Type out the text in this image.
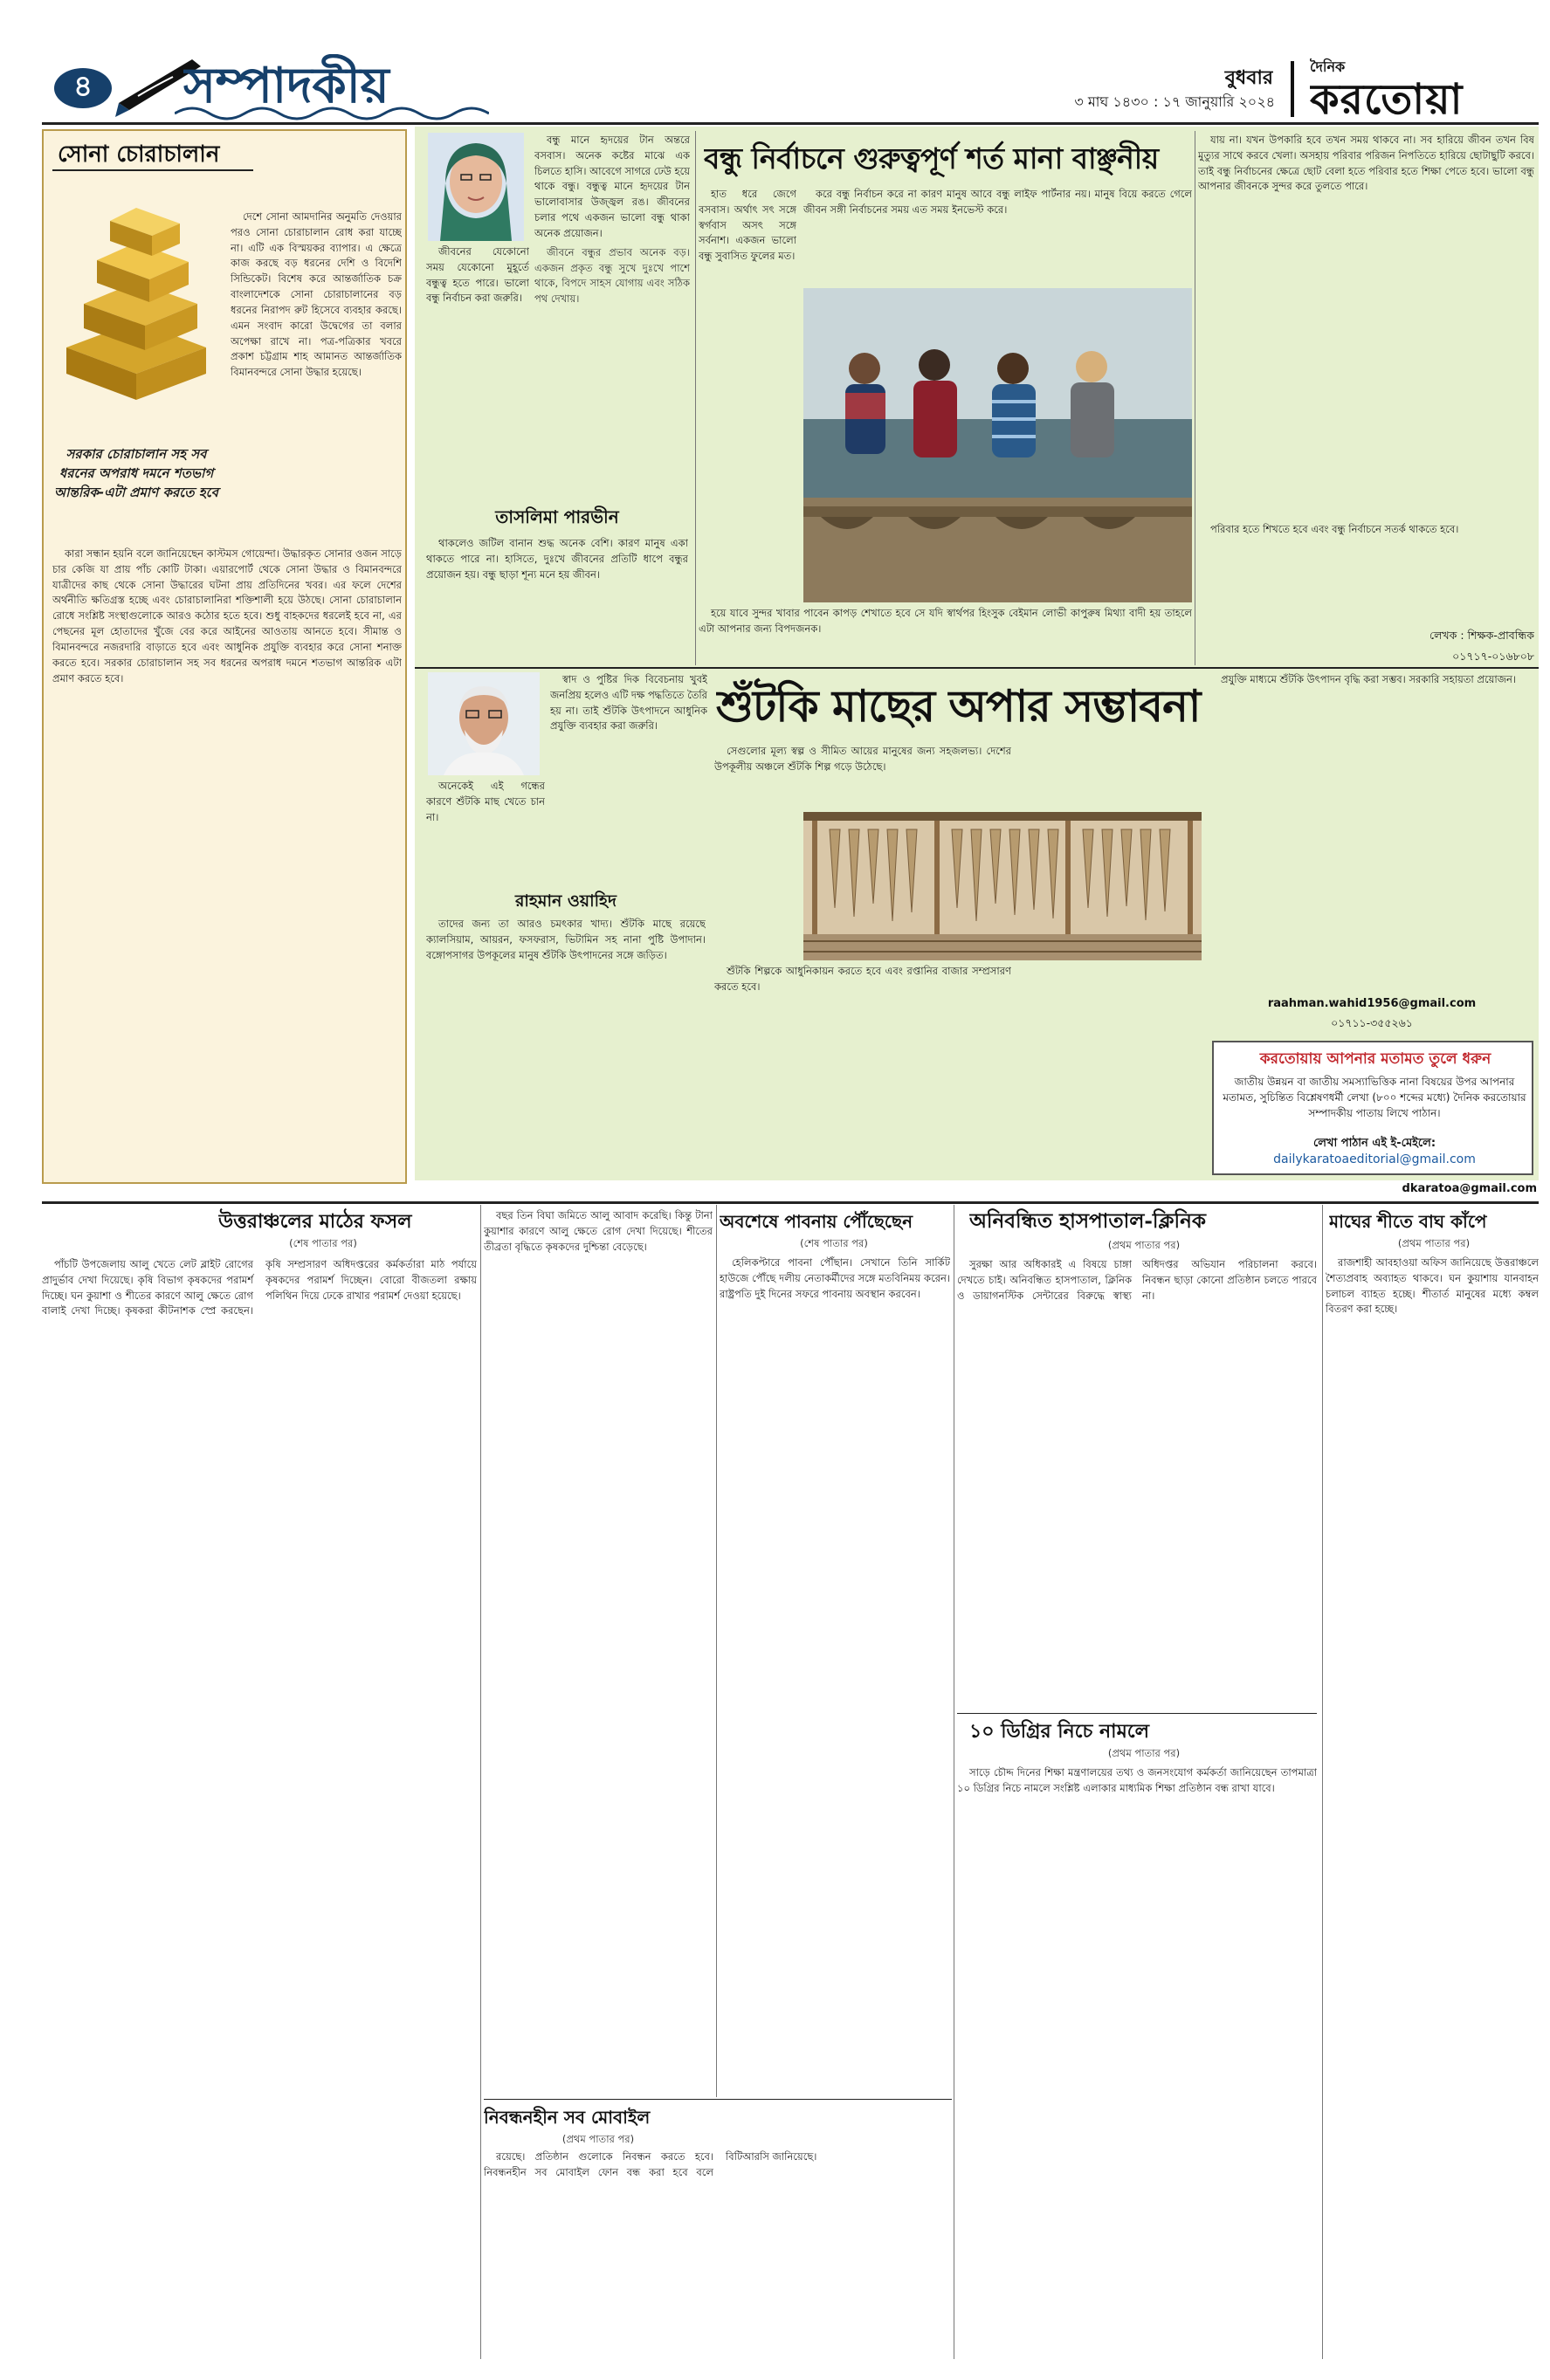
৪	সম্পাদকীয়	বুধবার
৩ মাঘ ১৪৩০ : ১৭ জানুয়ারি ২০২৪
দৈনিক
করতোয়া
সোনা চোরাচালান
সরকার চোরাচালান সহ সব ধরনের অপরাধ দমনে শতভাগ আন্তরিক-এটা প্রমাণ করতে হবে

দেশে সোনা আমদানির অনুমতি দেওয়ার পরও সোনা চোরাচালান রোধ করা যাচ্ছে না। এটি এক বিস্ময়কর ব্যাপার। এ ক্ষেত্রে কাজ করছে বড় ধরনের দেশি ও বিদেশি সিন্ডিকেট। বিশেষ করে আন্তর্জাতিক চক্র বাংলাদেশকে সোনা চোরাচালানের বড় ধরনের নিরাপদ রুট হিসেবে ব্যবহার করছে। এমন সংবাদ কারো উদ্বেগের তা বলার অপেক্ষা রাখে না। পত্র-পত্রিকার খবরে প্রকাশ চট্টগ্রাম শাহ আমানত আন্তর্জাতিক বিমানবন্দরে সোনা উদ্ধার হয়েছে।

কারা সন্ধান হয়নি বলে জানিয়েছেন কাস্টমস গোয়েন্দা। উদ্ধারকৃত সোনার ওজন সাড়ে চার কেজি যা প্রায় পাঁচ কোটি টাকা। এয়ারপোর্ট থেকে সোনা উদ্ধার ও বিমানবন্দরে যাত্রীদের কাছ থেকে সোনা উদ্ধারের ঘটনা প্রায় প্রতিদিনের খবর। এর ফলে দেশের অর্থনীতি ক্ষতিগ্রস্ত হচ্ছে এবং চোরাচালানিরা শক্তিশালী হয়ে উঠছে। সোনা চোরাচালান রোধে সংশ্লিষ্ট সংস্থাগুলোকে আরও কঠোর হতে হবে। শুধু বাহকদের ধরলেই হবে না, এর পেছনের মূল হোতাদের খুঁজে বের করে আইনের আওতায় আনতে হবে। সীমান্ত ও বিমানবন্দরে নজরদারি বাড়াতে হবে এবং আধুনিক প্রযুক্তি ব্যবহার করে সোনা শনাক্ত করতে হবে। সরকার চোরাচালান সহ সব ধরনের অপরাধ দমনে শতভাগ আন্তরিক এটা প্রমাণ করতে হবে।

বন্ধু মানে হৃদয়ের টান অন্তরে বসবাস। অনেক কষ্টের মাঝে এক চিলতে হাসি। আবেগে সাগরে ঢেউ হয়ে থাকে বন্ধু। বন্ধুত্ব মানে হৃদয়ের টান ভালোবাসার উজ্জ্বল রঙ। জীবনের চলার পথে একজন ভালো বন্ধু থাকা অনেক প্রয়োজন।

জীবনে বন্ধুর প্রভাব অনেক বড়। একজন প্রকৃত বন্ধু সুখে দুঃখে পাশে থাকে, বিপদে সাহস যোগায় এবং সঠিক পথ দেখায়।

জীবনের যেকোনো সময় যেকোনো মুহূর্তে বন্ধুত্ব হতে পারে। ভালো বন্ধু নির্বাচন করা জরুরি।

তাসলিমা পারভীন

থাকলেও জটিল বানান শুদ্ধ অনেক বেশি। কারণ মানুষ একা থাকতে পারে না। হাসিতে, দুঃখে জীবনের প্রতিটি ধাপে বন্ধুর প্রয়োজন হয়। বন্ধু ছাড়া শূন্য মনে হয় জীবন।

বন্ধু নির্বাচনে গুরুত্বপূর্ণ শর্ত মানা বাঞ্ছনীয়

হাত ধরে জেগে বসবাস। অর্থাৎ সৎ সঙ্গে স্বর্গবাস অসৎ সঙ্গে সর্বনাশ। একজন ভালো বন্ধু সুবাসিত ফুলের মত।

করে বন্ধু নির্বাচন করে না কারণ মানুষ আবে বন্ধু লাইফ পার্টনার নয়। মানুষ বিয়ে করতে গেলে জীবন সঙ্গী নির্বাচনের সময় এত সময় ইনভেস্ট করে।

হয়ে যাবে সুন্দর খাবার পাবেন কাপড় শেখাতে হবে সে যদি স্বার্থপর হিংসুক বেইমান লোভী কাপুরুষ মিথ্যা বাদী হয় তাহলে এটা আপনার জন্য বিপদজনক।

যায় না। যখন উপকারি হবে তখন সময় থাকবে না। সব হারিয়ে জীবন তখন বিষ মুত্যুর সাথে করবে খেলা। অসহায় পরিবার পরিজন নিপতিতে হারিয়ে ছোটাছুটি করবে। তাই বন্ধু নির্বাচনের ক্ষেত্রে ছোট বেলা হতে পরিবার হতে শিক্ষা পেতে হবে। ভালো বন্ধু আপনার জীবনকে সুন্দর করে তুলতে পারে।

পরিবার হতে শিখতে হবে এবং বন্ধু নির্বাচনে সতর্ক থাকতে হবে।

লেখক : শিক্ষক-প্রাবন্ধিক
০১৭১৭-০১৬৮০৮

স্বাদ ও পুষ্টির দিক বিবেচনায় খুবই জনপ্রিয় হলেও এটি দক্ষ পদ্ধতিতে তৈরি হয় না। তাই শুঁটকি উৎপাদনে আধুনিক প্রযুক্তি ব্যবহার করা জরুরি।

অনেকেই এই গন্ধের কারণে শুঁটকি মাছ খেতে চান না।

রাহমান ওয়াহিদ

তাদের জন্য তা আরও চমৎকার খাদ্য। শুঁটকি মাছে রয়েছে ক্যালসিয়াম, আয়রন, ফসফরাস, ভিটামিন সহ নানা পুষ্টি উপাদান। বঙ্গোপসাগর উপকূলের মানুষ শুঁটকি উৎপাদনের সঙ্গে জড়িত।

শুঁটকি মাছের অপার সম্ভাবনা

সেগুলোর মূল্য স্বল্প ও সীমিত আয়ের মানুষের জন্য সহজলভ্য। দেশের উপকূলীয় অঞ্চলে শুঁটকি শিল্প গড়ে উঠেছে।

শুঁটকি শিল্পকে আধুনিকায়ন করতে হবে এবং রপ্তানির বাজার সম্প্রসারণ করতে হবে।

প্রযুক্তি মাধ্যমে শুঁটকি উৎপাদন বৃদ্ধি করা সম্ভব। সরকারি সহায়তা প্রয়োজন।

raahman.wahid1956@gmail.com
০১৭১১-৩৫৫২৬১
করতোয়ায় আপনার মতামত তুলে ধরুন
জাতীয় উন্নয়ন বা জাতীয় সমস্যাভিত্তিক নানা বিষয়ের উপর আপনার মতামত, সুচিন্তিত বিশ্লেষণধর্মী লেখা (৮০০ শব্দের মধ্যে) দৈনিক করতোয়ার সম্পাদকীয় পাতায় লিখে পাঠান।
লেখা পাঠান এই ই-মেইলে:
dailykaratoaeditorial@gmail.com
dkaratoa@gmail.com
উত্তরাঞ্চলের মাঠের ফসল
(শেষ পাতার পর)

পাঁচটি উপজেলায় আলু খেতে লেট ব্লাইট রোগের প্রাদুর্ভাব দেখা দিয়েছে। কৃষি বিভাগ কৃষকদের পরামর্শ দিচ্ছে। ঘন কুয়াশা ও শীতের কারণে আলু ক্ষেতে রোগ বালাই দেখা দিচ্ছে। কৃষকরা কীটনাশক স্প্রে করছেন। কৃষি সম্প্রসারণ অধিদপ্তরের কর্মকর্তারা মাঠ পর্যায়ে কৃষকদের পরামর্শ দিচ্ছেন। বোরো বীজতলা রক্ষায় পলিথিন দিয়ে ঢেকে রাখার পরামর্শ দেওয়া হয়েছে।

বছর তিন বিঘা জমিতে আলু আবাদ করেছি। কিন্তু টানা কুয়াশার কারণে আলু ক্ষেতে রোগ দেখা দিয়েছে। শীতের তীব্রতা বৃদ্ধিতে কৃষকদের দুশ্চিন্তা বেড়েছে।

অবশেষে পাবনায় পৌঁছেছেন
(শেষ পাতার পর)

হেলিকপ্টারে পাবনা পৌঁছান। সেখানে তিনি সার্কিট হাউজে পৌঁছে দলীয় নেতাকর্মীদের সঙ্গে মতবিনিময় করেন। রাষ্ট্রপতি দুই দিনের সফরে পাবনায় অবস্থান করবেন।

অনিবন্ধিত হাসপাতাল-ক্লিনিক
(প্রথম পাতার পর)

সুরক্ষা আর অধিকারই এ বিষয়ে চাঙ্গা দেখতে চাই। অনিবন্ধিত হাসপাতাল, ক্লিনিক ও ডায়াগনস্টিক সেন্টারের বিরুদ্ধে স্বাস্থ্য অধিদপ্তর অভিযান পরিচালনা করবে। নিবন্ধন ছাড়া কোনো প্রতিষ্ঠান চলতে পারবে না।

১০ ডিগ্রির নিচে নামলে
(প্রথম পাতার পর)

সাড়ে চৌদ্দ দিনের শিক্ষা মন্ত্রণালয়ের তথ্য ও জনসংযোগ কর্মকর্তা জানিয়েছেন তাপমাত্রা ১০ ডিগ্রির নিচে নামলে সংশ্লিষ্ট এলাকার মাধ্যমিক শিক্ষা প্রতিষ্ঠান বন্ধ রাখা যাবে।

মাঘের শীতে বাঘ কাঁপে
(প্রথম পাতার পর)

রাজশাহী আবহাওয়া অফিস জানিয়েছে উত্তরাঞ্চলে শৈত্যপ্রবাহ অব্যাহত থাকবে। ঘন কুয়াশায় যানবাহন চলাচল ব্যাহত হচ্ছে। শীতার্ত মানুষের মধ্যে কম্বল বিতরণ করা হচ্ছে।

নিবন্ধনহীন সব মোবাইল
(প্রথম পাতার পর)

রয়েছে। প্রতিষ্ঠান গুলোকে নিবন্ধন করতে হবে। নিবন্ধনহীন সব মোবাইল ফোন বন্ধ করা হবে বলে বিটিআরসি জানিয়েছে।
